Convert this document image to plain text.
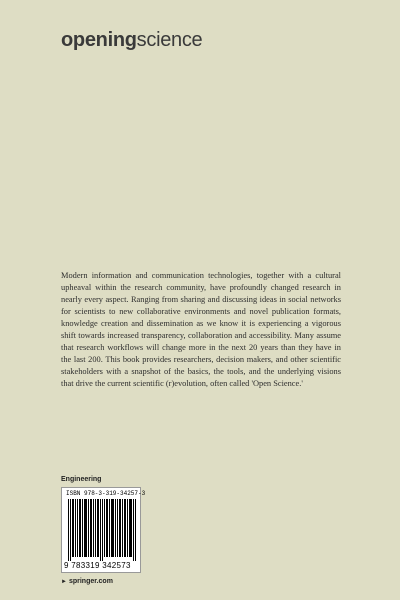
openingscience
Modern information and communication technologies, together with a cultural upheaval within the research community, have profoundly changed research in nearly every aspect. Ranging from sharing and discussing ideas in social networks for scientists to new collaborative environments and novel publication formats, knowledge creation and dissemination as we know it is experiencing a vigorous shift towards increased transparency, collaboration and accessibility. Many assume that research workflows will change more in the next 20 years than they have in the last 200. This book provides researchers, decision makers, and other scientific stakeholders with a snapshot of the basics, the tools, and the underlying visions that drive the current scientific (r)evolution, often called 'Open Science.'
Engineering
ISBN 978-3-319-34257-3
9 783319 342573
► springer.com
